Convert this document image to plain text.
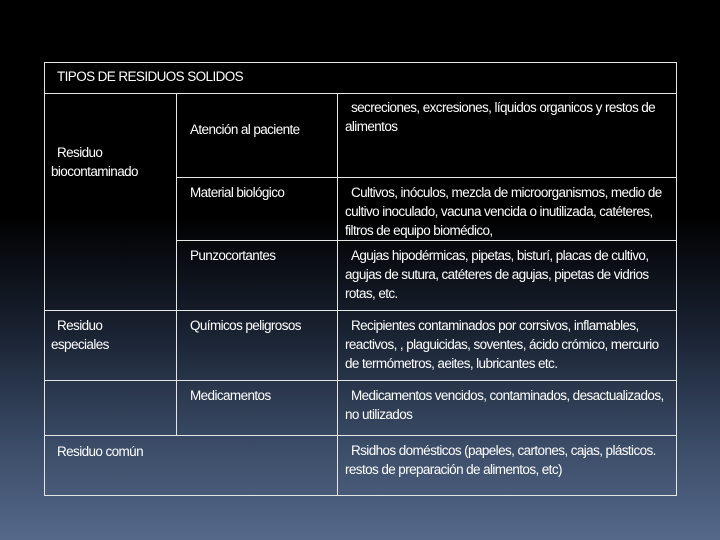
TIPOS DE RESIDUOS SOLIDOS		

Residuo
biocontaminado	Atención al paciente	secreciones, excresiones, líquidos organicos y restos de alimentos
	Material biológico	Cultivos, inóculos, mezcla de microorganismos, medio de cultivo inoculado, vacuna vencida o inutilizada, catéteres, filtros de equipo biomédico,
	Punzocortantes	Agujas hipodérmicas, pipetas, bisturí, placas de cultivo, agujas de sutura, catéteres de agujas, pipetas de vidrios rotas, etc.

Residuo
especiales	Químicos peligrosos	Recipientes contaminados por corrsivos, inflamables, reactivos, , plaguicidas, soventes, ácido crómico, mercurio de termómetros, aeites, lubricantes etc.
	Medicamentos	Medicamentos vencidos, contaminados, desactualizados, no utilizados

Residuo común		Rsidhos domésticos (papeles, cartones, cajas, plásticos. restos de preparación de alimentos, etc)
